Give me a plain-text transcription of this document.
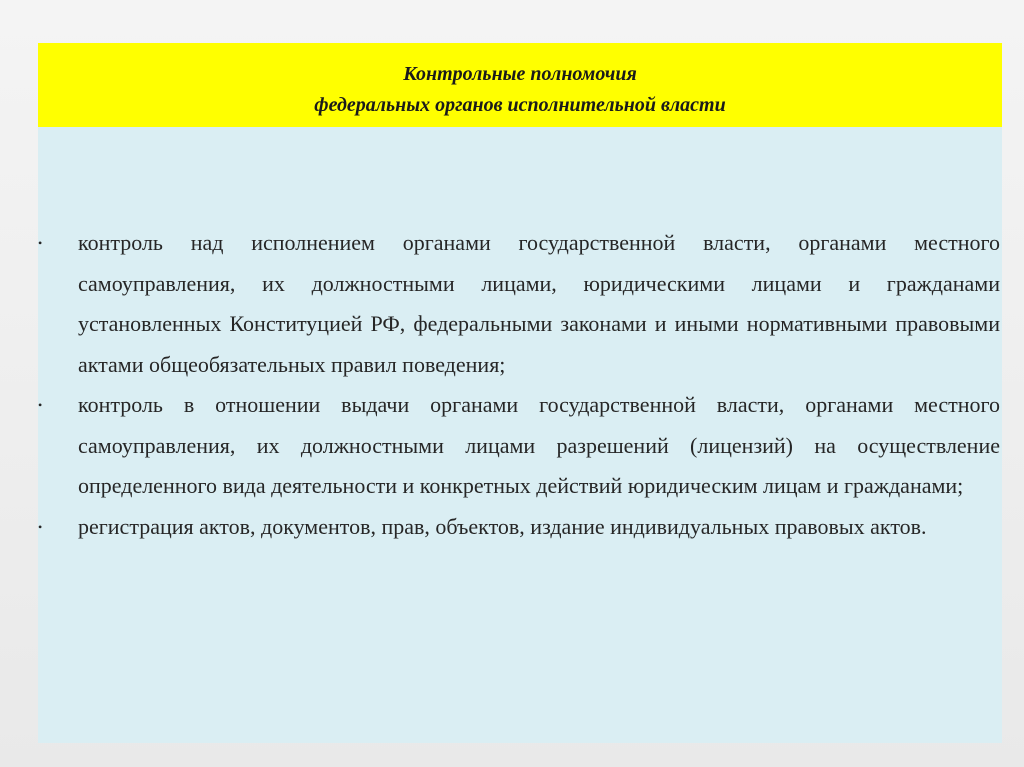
Контрольные полномочия
федеральных органов исполнительной власти
• контроль над исполнением органами государственной власти, органами местного самоуправления, их должностными лицами, юридическими лицами и гражданами установленных Конституцией РФ, федеральными законами и иными нормативными правовыми актами общеобязательных правил поведения;
• контроль в отношении выдачи органами государственной власти, органами местного самоуправления, их должностными лицами разрешений (лицензий) на осуществление определенного вида деятельности и конкретных действий юридическим лицам и гражданами;
• регистрация актов, документов, прав, объектов, издание индивидуальных правовых актов.
